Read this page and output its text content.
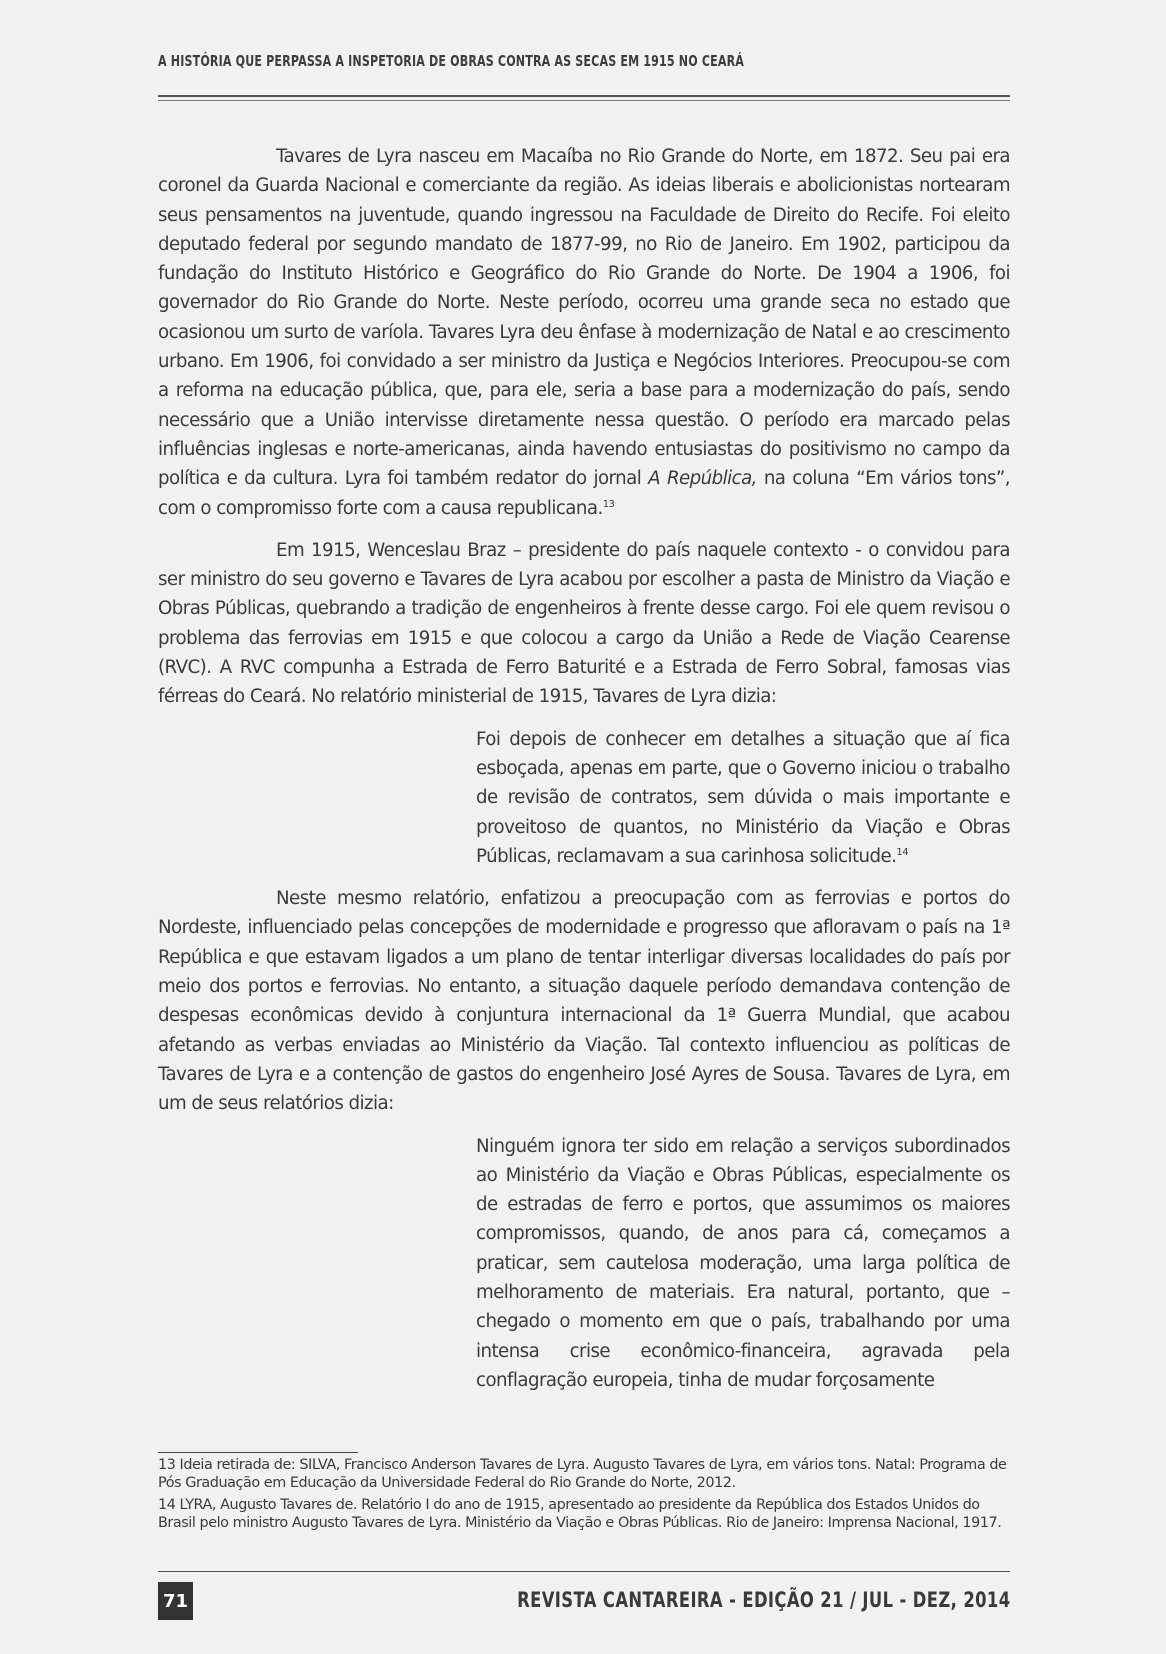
A HISTÓRIA QUE PERPASSA A INSPETORIA DE OBRAS CONTRA AS SECAS EM 1915 NO CEARÁ

Tavares de Lyra nasceu em Macaíba no Rio Grande do Norte, em 1872. Seu pai era coronel da Guarda Nacional e comerciante da região. As ideias liberais e abolicionistas nortearam seus pensamentos na juventude, quando ingressou na Faculdade de Direito do Recife. Foi eleito deputado federal por segundo mandato de 1877-99, no Rio de Janeiro. Em 1902, participou da fundação do Instituto Histórico e Geográfico do Rio Grande do Norte. De 1904 a 1906, foi governador do Rio Grande do Norte. Neste período, ocorreu uma grande seca no estado que ocasionou um surto de varíola. Tavares Lyra deu ênfase à modernização de Natal e ao crescimento urbano. Em 1906, foi convidado a ser ministro da Justiça e Negócios Interiores. Preocupou-se com a reforma na educação pública, que, para ele, seria a base para a modernização do país, sendo necessário que a União intervisse diretamente nessa questão. O período era marcado pelas influências inglesas e norte-americanas, ainda havendo entusiastas do positivismo no campo da política e da cultura. Lyra foi também redator do jornal A República, na coluna “Em vários tons”, com o compromisso forte com a causa republicana.$^{13}$

Em 1915, Wenceslau Braz – presidente do país naquele contexto - o convidou para ser ministro do seu governo e Tavares de Lyra acabou por escolher a pasta de Ministro da Viação e Obras Públicas, quebrando a tradição de engenheiros à frente desse cargo. Foi ele quem revisou o problema das ferrovias em 1915 e que colocou a cargo da União a Rede de Viação Cearense (RVC). A RVC compunha a Estrada de Ferro Baturité e a Estrada de Ferro Sobral, famosas vias férreas do Ceará. No relatório ministerial de 1915, Tavares de Lyra dizia:

Foi depois de conhecer em detalhes a situação que aí fica esboçada, apenas em parte, que o Governo iniciou o trabalho de revisão de contratos, sem dúvida o mais importante e proveitoso de quantos, no Ministério da Viação e Obras Públicas, reclamavam a sua carinhosa solicitude.$^{14}$

Neste mesmo relatório, enfatizou a preocupação com as ferrovias e portos do Nordeste, influenciado pelas concepções de modernidade e progresso que afloravam o país na 1ª República e que estavam ligados a um plano de tentar interligar diversas localidades do país por meio dos portos e ferrovias. No entanto, a situação daquele período demandava contenção de despesas econômicas devido à conjuntura internacional da 1ª Guerra Mundial, que acabou afetando as verbas enviadas ao Ministério da Viação. Tal contexto influenciou as políticas de Tavares de Lyra e a contenção de gastos do engenheiro José Ayres de Sousa. Tavares de Lyra, em um de seus relatórios dizia:

Ninguém ignora ter sido em relação a serviços subordinados ao Ministério da Viação e Obras Públicas, especialmente os de estradas de ferro e portos, que assumimos os maiores compromissos, quando, de anos para cá, começamos a praticar, sem cautelosa moderação, uma larga política de melhoramento de materiais. Era natural, portanto, que – chegado o momento em que o país, trabalhando por uma intensa crise econômico-financeira, agravada pela conflagração europeia, tinha de mudar forçosamente

13 Ideia retirada de: SILVA, Francisco Anderson Tavares de Lyra. Augusto Tavares de Lyra, em vários tons. Natal: Programa de Pós Graduação em Educação da Universidade Federal do Rio Grande do Norte, 2012.

14 LYRA, Augusto Tavares de. Relatório I do ano de 1915, apresentado ao presidente da República dos Estados Unidos do Brasil pelo ministro Augusto Tavares de Lyra. Ministério da Viação e Obras Públicas. Rio de Janeiro: Imprensa Nacional, 1917.

71	REVISTA CANTAREIRA - EDIÇÃO 21 / JUL - DEZ, 2014
